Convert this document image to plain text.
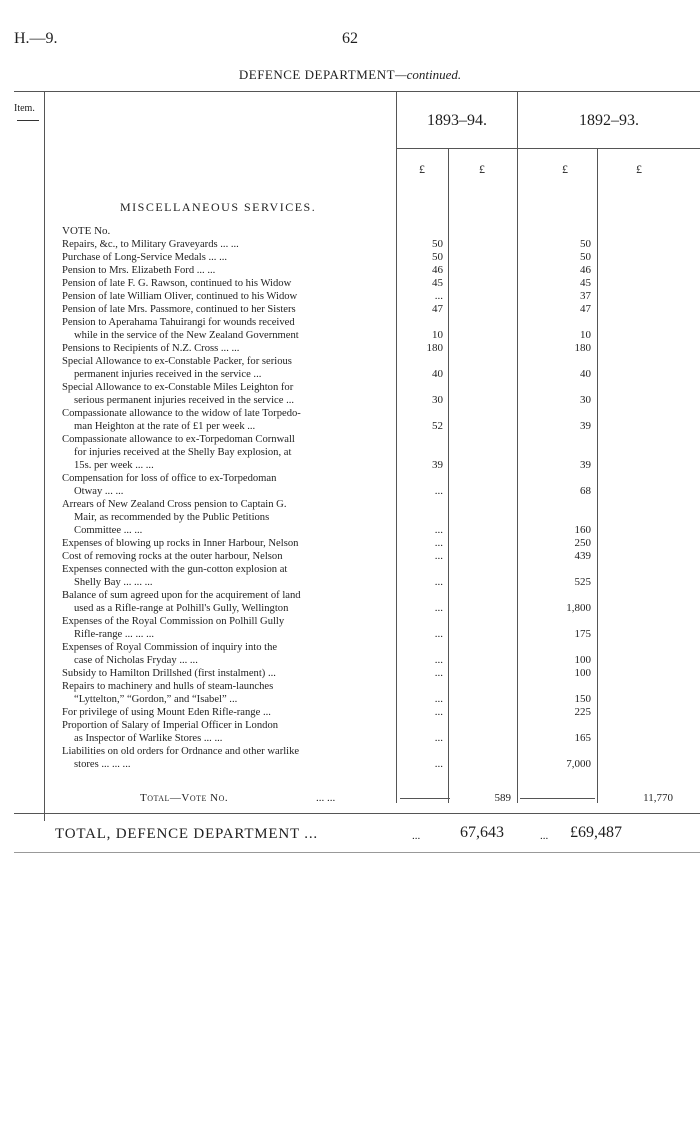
H.—9.	62
DEFENCE DEPARTMENT—continued.
Item.
1893–94.	1892–93.
£	£	£	£
MISCELLANEOUS SERVICES.
VOTE No.
Repairs, &c., to Military Graveyards ... ...	50	50
Purchase of Long-Service Medals ... ...	50	50
Pension to Mrs. Elizabeth Ford ... ...	46	46
Pension of late F. G. Rawson, continued to his Widow	45	45
Pension of late William Oliver, continued to his Widow	...	37
Pension of late Mrs. Passmore, continued to her Sisters	47	47
Pension to Aperahama Tahuirangi for wounds received
while in the service of the New Zealand Government	10	10
Pensions to Recipients of N.Z. Cross ... ...	180	180
Special Allowance to ex-Constable Packer, for serious
permanent injuries received in the service ...	40	40
Special Allowance to ex-Constable Miles Leighton for
serious permanent injuries received in the service ...	30	30
Compassionate allowance to the widow of late Torpedo-
man Heighton at the rate of £1 per week ...	52	39
Compassionate allowance to ex-Torpedoman Cornwall
for injuries received at the Shelly Bay explosion, at
15s. per week ... ...	39	39
Compensation for loss of office to ex-Torpedoman
Otway ... ...	...	68
Arrears of New Zealand Cross pension to Captain G.
Mair, as recommended by the Public Petitions
Committee ... ...	...	160
Expenses of blowing up rocks in Inner Harbour, Nelson	...	250
Cost of removing rocks at the outer harbour, Nelson	...	439
Expenses connected with the gun-cotton explosion at
Shelly Bay ... ... ...	...	525
Balance of sum agreed upon for the acquirement of land
used as a Rifle-range at Polhill's Gully, Wellington	...	1,800
Expenses of the Royal Commission on Polhill Gully
Rifle-range ... ... ...	...	175
Expenses of Royal Commission of inquiry into the
case of Nicholas Fryday ... ...	...	100
Subsidy to Hamilton Drillshed (first instalment) ...	...	100
Repairs to machinery and hulls of steam-launches
“Lyttelton,” “Gordon,” and “Isabel” ...	...	150
For privilege of using Mount Eden Rifle-range ...	...	225
Proportion of Salary of Imperial Officer in London
as Inspector of Warlike Stores ... ...	...	165
Liabilities on old orders for Ordnance and other warlike
stores ... ... ...	...	7,000
Total—Vote No.	... ...	589	11,770
TOTAL, DEFENCE DEPARTMENT ...	... 67,643	... £69,487
